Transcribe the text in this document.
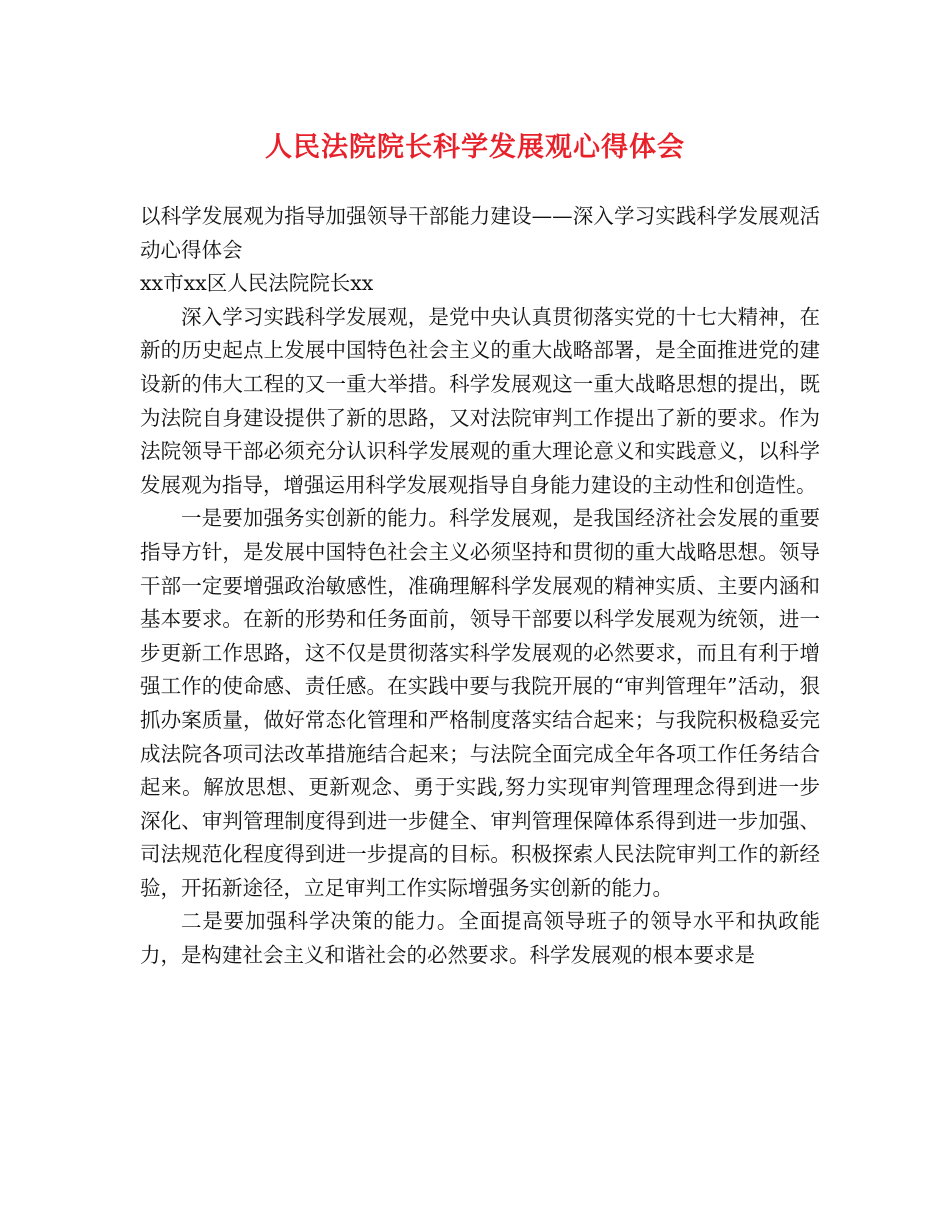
人民法院院长科学发展观心得体会

以科学发展观为指导加强领导干部能力建设——深入学习实践科学发展观活动心得体会

xx市xx区人民法院院长xx

深入学习实践科学发展观，是党中央认真贯彻落实党的十七大精神，在新的历史起点上发展中国特色社会主义的重大战略部署，是全面推进党的建设新的伟大工程的又一重大举措。科学发展观这一重大战略思想的提出，既为法院自身建设提供了新的思路，又对法院审判工作提出了新的要求。作为法院领导干部必须充分认识科学发展观的重大理论意义和实践意义，以科学发展观为指导，增强运用科学发展观指导自身能力建设的主动性和创造性。

一是要加强务实创新的能力。科学发展观，是我国经济社会发展的重要指导方针，是发展中国特色社会主义必须坚持和贯彻的重大战略思想。领导干部一定要增强政治敏感性，准确理解科学发展观的精神实质、主要内涵和基本要求。在新的形势和任务面前，领导干部要以科学发展观为统领，进一步更新工作思路，这不仅是贯彻落实科学发展观的必然要求，而且有利于增强工作的使命感、责任感。在实践中要与我院开展的“审判管理年”活动，狠抓办案质量，做好常态化管理和严格制度落实结合起来；与我院积极稳妥完成法院各项司法改革措施结合起来；与法院全面完成全年各项工作任务结合起来。解放思想、更新观念、勇于实践,努力实现审判管理理念得到进一步深化、审判管理制度得到进一步健全、审判管理保障体系得到进一步加强、司法规范化程度得到进一步提高的目标。积极探索人民法院审判工作的新经验，开拓新途径，立足审判工作实际增强务实创新的能力。

二是要加强科学决策的能力。全面提高领导班子的领导水平和执政能力，是构建社会主义和谐社会的必然要求。科学发展观的根本要求是
